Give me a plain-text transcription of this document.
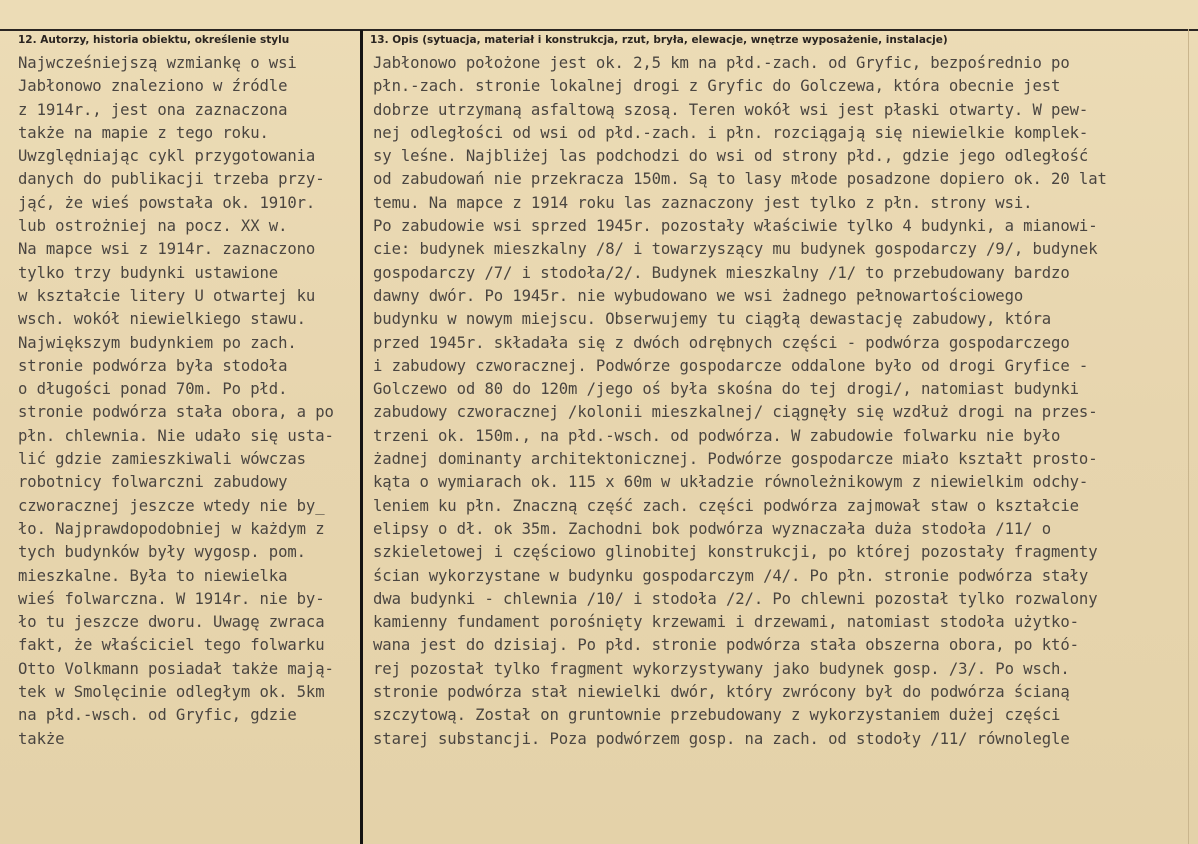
12. Autorzy, historia obiektu, określenie stylu	13. Opis (sytuacja, materiał i konstrukcja, rzut, bryła, elewacje, wnętrze wyposażenie, instalacje)
Najwcześniejszą wzmiankę o wsi
Jabłonowo znaleziono w źródle
z 1914r., jest ona zaznaczona
także na mapie z tego roku.
Uwzględniając cykl przygotowania
danych do publikacji trzeba przy-
jąć, że wieś powstała ok. 1910r.
lub ostrożniej na pocz. XX w.
Na mapce wsi z 1914r. zaznaczono
tylko trzy budynki ustawione
w kształcie litery U otwartej ku
wsch. wokół niewielkiego stawu.
Największym budynkiem po zach.
stronie podwórza była stodoła
o długości ponad 70m. Po płd.
stronie podwórza stała obora, a po
płn. chlewnia. Nie udało się usta-
lić gdzie zamieszkiwali wówczas
robotnicy folwarczni zabudowy
czworacznej jeszcze wtedy nie by_
ło. Najprawdopodobniej w każdym z
tych budynków były wygosp. pom.
mieszkalne. Była to niewielka
wieś folwarczna. W 1914r. nie by-
ło tu jeszcze dworu. Uwagę zwraca
fakt, że właściciel tego folwarku
Otto Volkmann posiadał także mają-
tek w Smolęcinie odległym ok. 5km
na płd.-wsch. od Gryfic, gdzie
także
Jabłonowo położone jest ok. 2,5 km na płd.-zach. od Gryfic, bezpośrednio po
płn.-zach. stronie lokalnej drogi z Gryfic do Golczewa, która obecnie jest
dobrze utrzymaną asfaltową szosą. Teren wokół wsi jest płaski otwarty. W pew-
nej odległości od wsi od płd.-zach. i płn. rozciągają się niewielkie komplek-
sy leśne. Najbliżej las podchodzi do wsi od strony płd., gdzie jego odległość
od zabudowań nie przekracza 150m. Są to lasy młode posadzone dopiero ok. 20 lat
temu. Na mapce z 1914 roku las zaznaczony jest tylko z płn. strony wsi.
Po zabudowie wsi sprzed 1945r. pozostały właściwie tylko 4 budynki, a mianowi-
cie: budynek mieszkalny /8/ i towarzyszący mu budynek gospodarczy /9/, budynek
gospodarczy /7/ i stodoła/2/. Budynek mieszkalny /1/ to przebudowany bardzo
dawny dwór. Po 1945r. nie wybudowano we wsi żadnego pełnowartościowego
budynku w nowym miejscu. Obserwujemy tu ciągłą dewastację zabudowy, która
przed 1945r. składała się z dwóch odrębnych części - podwórza gospodarczego
i zabudowy czworacznej. Podwórze gospodarcze oddalone było od drogi Gryfice -
Golczewo od 80 do 120m /jego oś była skośna do tej drogi/, natomiast budynki
zabudowy czworacznej /kolonii mieszkalnej/ ciągnęły się wzdłuż drogi na przes-
trzeni ok. 150m., na płd.-wsch. od podwórza. W zabudowie folwarku nie było
żadnej dominanty architektonicznej. Podwórze gospodarcze miało kształt prosto-
kąta o wymiarach ok. 115 x 60m w układzie równoleżnikowym z niewielkim odchy-
leniem ku płn. Znaczną część zach. części podwórza zajmował staw o kształcie
elipsy o dł. ok 35m. Zachodni bok podwórza wyznaczała duża stodoła /11/ o
szkieletowej i częściowo glinobitej konstrukcji, po której pozostały fragmenty
ścian wykorzystane w budynku gospodarczym /4/. Po płn. stronie podwórza stały
dwa budynki - chlewnia /10/ i stodoła /2/. Po chlewni pozostał tylko rozwalony
kamienny fundament porośnięty krzewami i drzewami, natomiast stodoła użytko-
wana jest do dzisiaj. Po płd. stronie podwórza stała obszerna obora, po któ-
rej pozostał tylko fragment wykorzystywany jako budynek gosp. /3/. Po wsch.
stronie podwórza stał niewielki dwór, który zwrócony był do podwórza ścianą
szczytową. Został on gruntownie przebudowany z wykorzystaniem dużej części
starej substancji. Poza podwórzem gosp. na zach. od stodoły /11/ równolegle
